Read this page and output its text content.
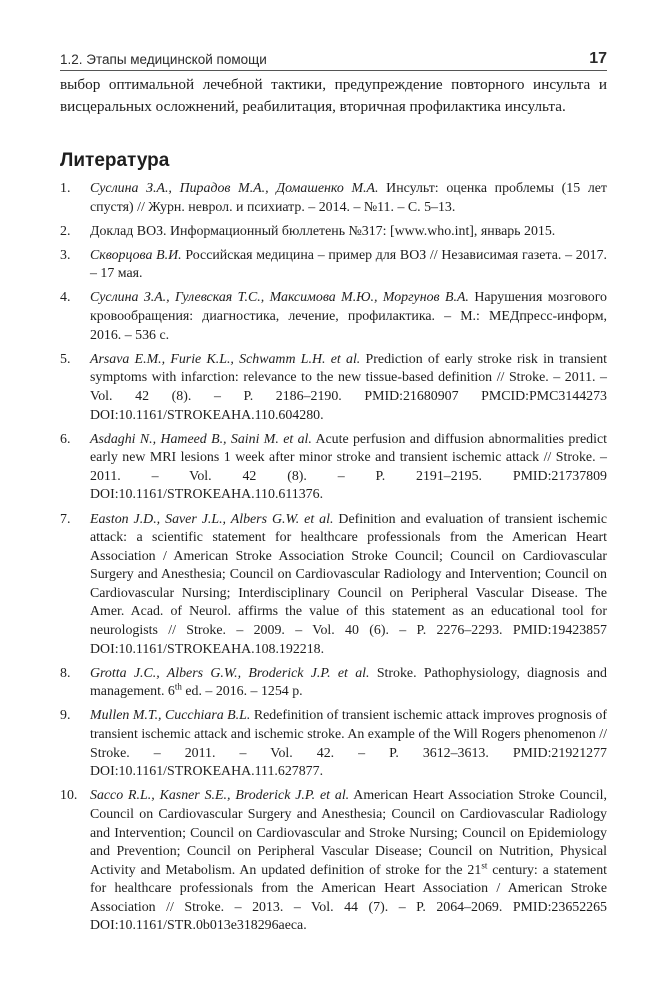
1.2. Этапы медицинской помощи	17

выбор оптимальной лечебной тактики, предупреждение повторного инсульта и висцеральных осложнений, реабилитация, вторичная профилактика инсульта.

Литература
1. Суслина З.А., Пирадов М.А., Домашенко М.А. Инсульт: оценка проблемы (15 лет спустя) // Журн. неврол. и психиатр. – 2014. – №11. – С. 5–13.
2. Доклад ВОЗ. Информационный бюллетень №317: [www.who.int], январь 2015.
3. Скворцова В.И. Российская медицина – пример для ВОЗ // Независимая газета. – 2017. – 17 мая.
4. Суслина З.А., Гулевская Т.С., Максимова М.Ю., Моргунов В.А. Нарушения мозгового кровообращения: диагностика, лечение, профилактика. – М.: МЕДпресс-информ, 2016. – 536 с.
5. Arsava E.M., Furie K.L., Schwamm L.H. et al. Prediction of early stroke risk in transient symptoms with infarction: relevance to the new tissue-based definition // Stroke. – 2011. – Vol. 42 (8). – P. 2186–2190. PMID:21680907 PMCID:PMC3144273 DOI:10.1161/STROKEAHA.110.604280.
6. Asdaghi N., Hameed B., Saini M. et al. Acute perfusion and diffusion abnormalities predict early new MRI lesions 1 week after minor stroke and transient ischemic attack // Stroke. – 2011. – Vol. 42 (8). – P. 2191–2195. PMID:21737809 DOI:10.1161/STROKEAHA.110.611376.
7. Easton J.D., Saver J.L., Albers G.W. et al. Definition and evaluation of transient ischemic attack: a scientific statement for healthcare professionals from the American Heart Association / American Stroke Association Stroke Council; Council on Cardiovascular Surgery and Anesthesia; Council on Cardiovascular Radiology and Intervention; Council on Cardiovascular Nursing; Interdisciplinary Council on Peripheral Vascular Disease. The Amer. Acad. of Neurol. affirms the value of this statement as an educational tool for neurologists // Stroke. – 2009. – Vol. 40 (6). – P. 2276–2293. PMID:19423857 DOI:10.1161/STROKEAHA.108.192218.
8. Grotta J.C., Albers G.W., Broderick J.P. et al. Stroke. Pathophysiology, diagnosis and management. 6th ed. – 2016. – 1254 p.
9. Mullen M.T., Cucchiara B.L. Redefinition of transient ischemic attack improves prognosis of transient ischemic attack and ischemic stroke. An example of the Will Rogers phenomenon // Stroke. – 2011. – Vol. 42. – P. 3612–3613. PMID:21921277 DOI:10.1161/STROKEAHA.111.627877.
10. Sacco R.L., Kasner S.E., Broderick J.P. et al. American Heart Association Stroke Council, Council on Cardiovascular Surgery and Anesthesia; Council on Cardiovascular Radiology and Intervention; Council on Cardiovascular and Stroke Nursing; Council on Epidemiology and Prevention; Council on Peripheral Vascular Disease; Council on Nutrition, Physical Activity and Metabolism. An updated definition of stroke for the 21st century: a statement for healthcare professionals from the American Heart Association / American Stroke Association // Stroke. – 2013. – Vol. 44 (7). – P. 2064–2069. PMID:23652265 DOI:10.1161/STR.0b013e318296aeca.
